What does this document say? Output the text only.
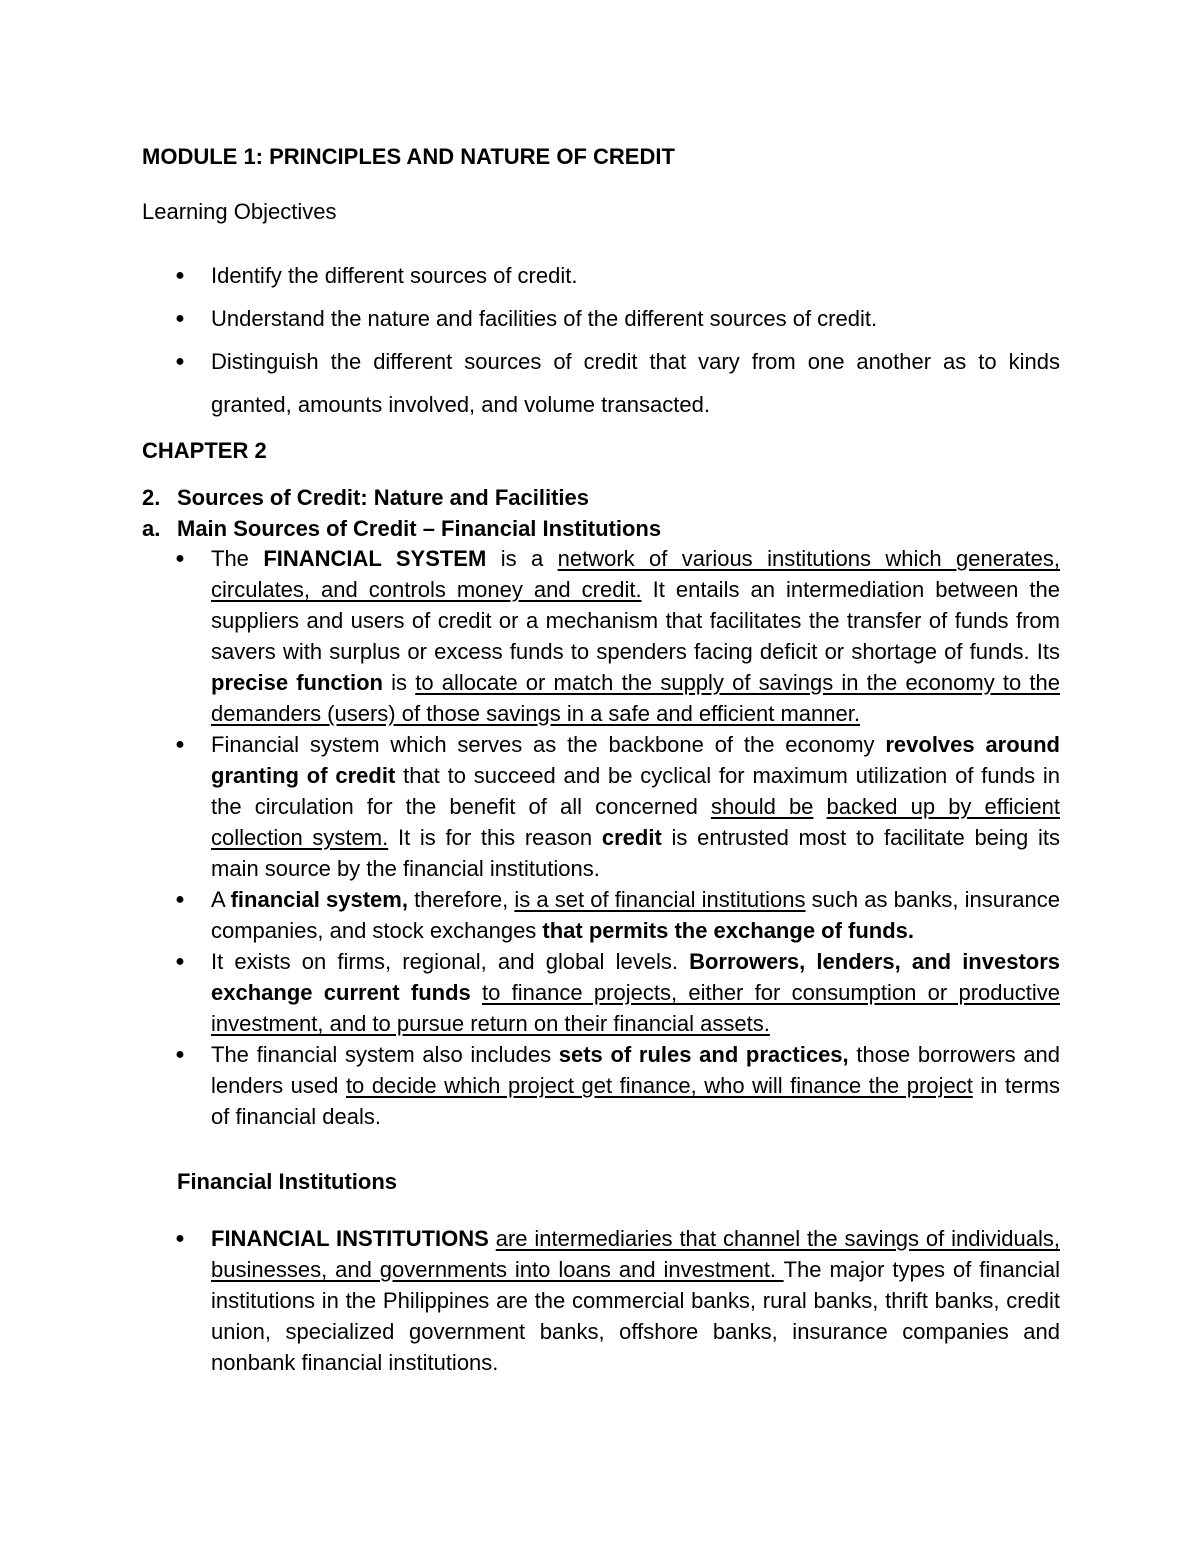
MODULE 1: PRINCIPLES AND NATURE OF CREDIT
Learning Objectives
● Identify the different sources of credit.
● Understand the nature and facilities of the different sources of credit.
● Distinguish the different sources of credit that vary from one another as to kinds granted, amounts involved, and volume transacted.
CHAPTER 2
2. Sources of Credit: Nature and Facilities
a. Main Sources of Credit – Financial Institutions
● The FINANCIAL SYSTEM is a network of various institutions which generates, circulates, and controls money and credit. It entails an intermediation between the suppliers and users of credit or a mechanism that facilitates the transfer of funds from savers with surplus or excess funds to spenders facing deficit or shortage of funds. Its precise function is to allocate or match the supply of savings in the economy to the demanders (users) of those savings in a safe and efficient manner.
● Financial system which serves as the backbone of the economy revolves around granting of credit that to succeed and be cyclical for maximum utilization of funds in the circulation for the benefit of all concerned should be backed up by efficient collection system. It is for this reason credit is entrusted most to facilitate being its main source by the financial institutions.
● A financial system, therefore, is a set of financial institutions such as banks, insurance companies, and stock exchanges that permits the exchange of funds.
● It exists on firms, regional, and global levels. Borrowers, lenders, and investors exchange current funds to finance projects, either for consumption or productive investment, and to pursue return on their financial assets.
● The financial system also includes sets of rules and practices, those borrowers and lenders used to decide which project get finance, who will finance the project in terms of financial deals.
Financial Institutions
● FINANCIAL INSTITUTIONS are intermediaries that channel the savings of individuals, businesses, and governments into loans and investment. The major types of financial institutions in the Philippines are the commercial banks, rural banks, thrift banks, credit union, specialized government banks, offshore banks, insurance companies and nonbank financial institutions.
